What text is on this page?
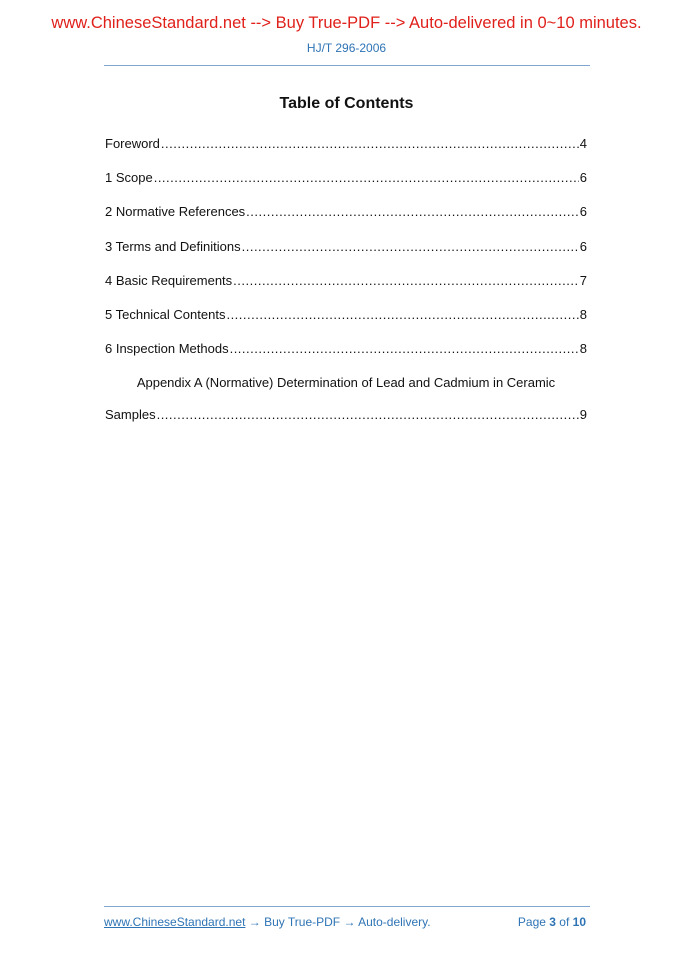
www.ChineseStandard.net --> Buy True-PDF --> Auto-delivered in 0~10 minutes.
HJ/T 296-2006
Table of Contents
Foreword .....	4
1 Scope .....	6
2 Normative References .....	6
3 Terms and Definitions .....	6
4 Basic Requirements .....	7
5 Technical Contents .....	8
6 Inspection Methods .....	8
Appendix A (Normative) Determination of Lead and Cadmium in Ceramic
Samples .....	9
www.ChineseStandard.net → Buy True-PDF → Auto-delivery.	Page 3 of 10
